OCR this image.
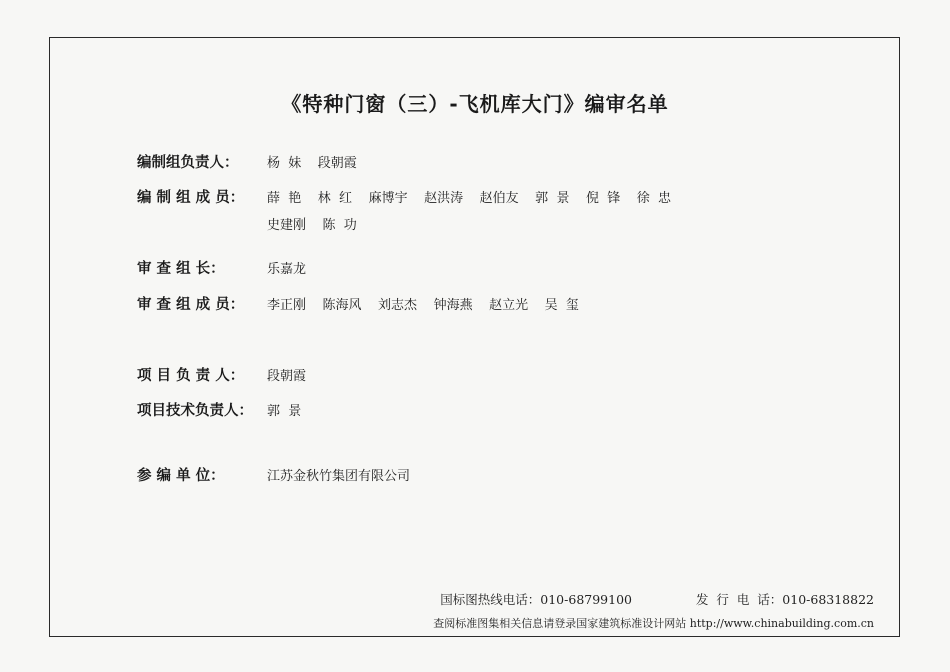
《特种门窗（三）-飞机库大门》编审名单
编制组负责人：	杨  妹    段朝霞
编 制 组 成 员：	薛  艳    林  红    麻博宇    赵洪涛    赵伯友    郭  景    倪  锋    徐  忠
史建刚    陈  功
审 查 组 长：	乐嘉龙
审 查 组 成 员：	李正刚    陈海风    刘志杰    钟海燕    赵立光    吴  玺
项 目 负 责 人：	段朝霞
项目技术负责人：	郭  景
参 编 单 位：	江苏金秋竹集团有限公司
国标图热线电话：010-68799100	发  行  电  话：010-68318822
查阅标准图集相关信息请登录国家建筑标准设计网站 http://www.chinabuilding.com.cn
